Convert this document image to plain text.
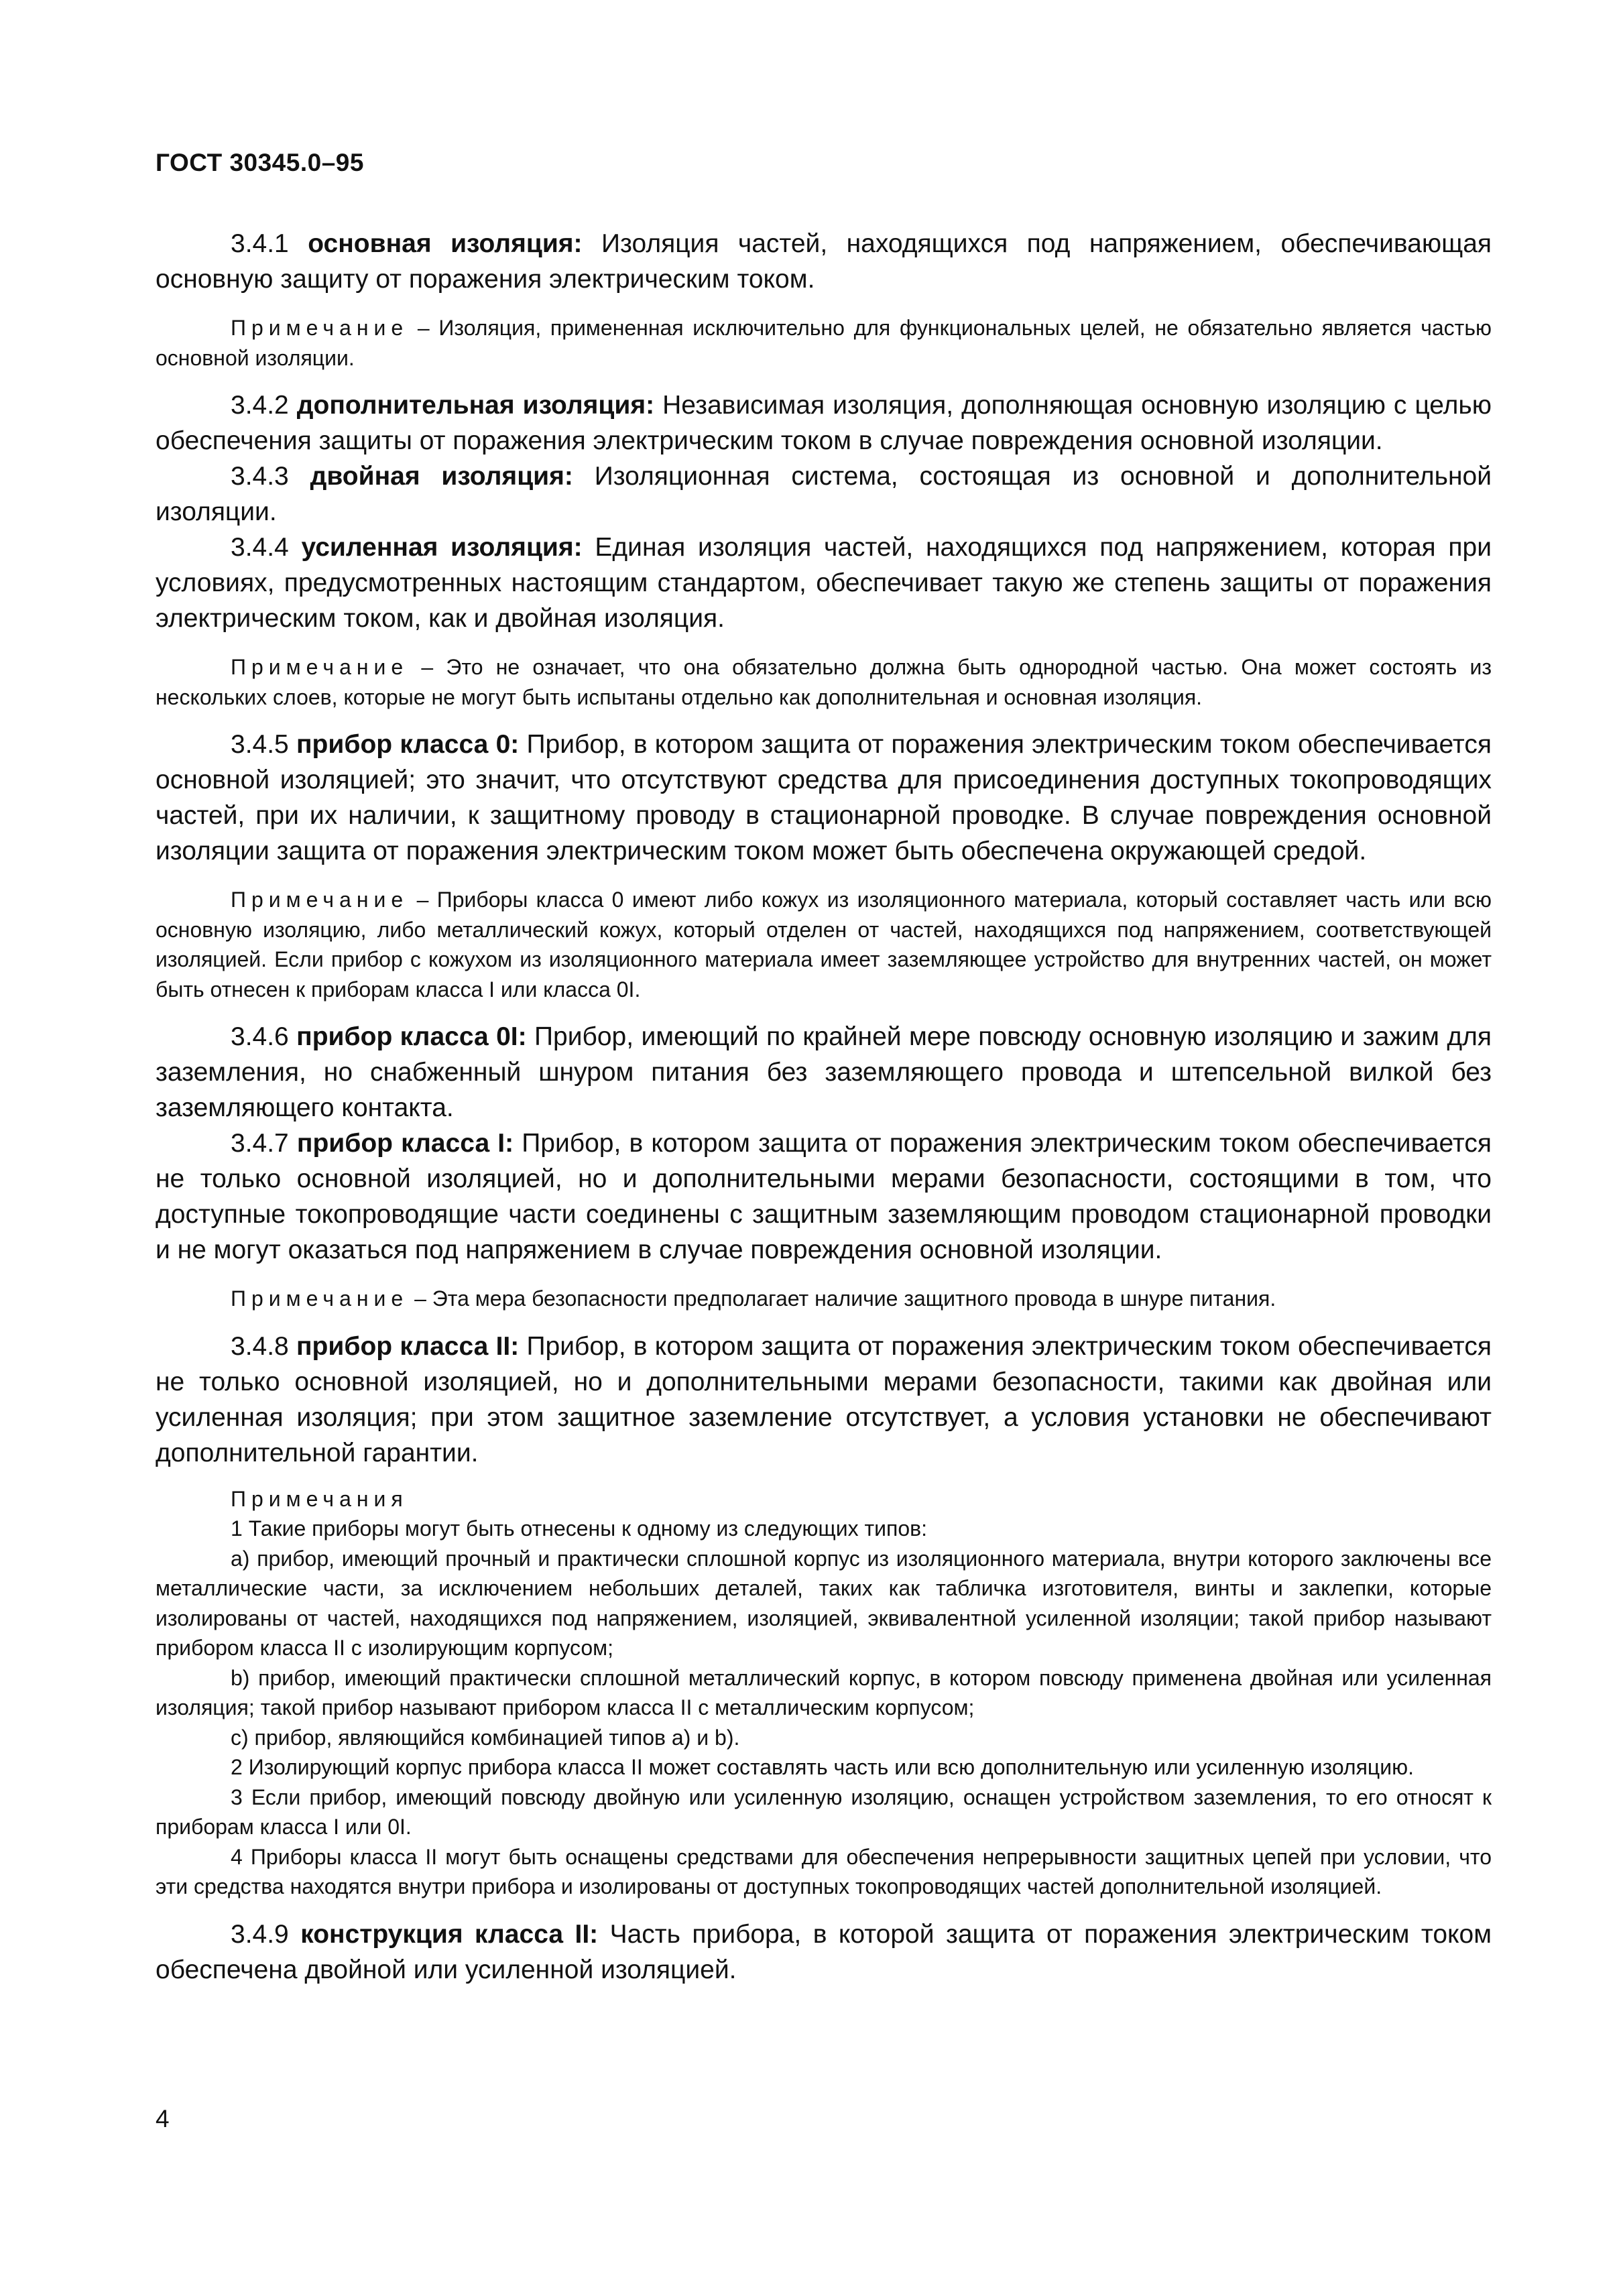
ГОСТ 30345.0–95

3.4.1 основная изоляция: Изоляция частей, находящихся под напряжением, обеспечивающая основную защиту от поражения электрическим током.

Примечание – Изоляция, примененная исключительно для функциональных целей, не обязательно является частью основной изоляции.

3.4.2 дополнительная изоляция: Независимая изоляция, дополняющая основную изоляцию с целью обеспечения защиты от поражения электрическим током в случае повреждения основной изоляции.

3.4.3 двойная изоляция: Изоляционная система, состоящая из основной и дополнительной изоляции.

3.4.4 усиленная изоляция: Единая изоляция частей, находящихся под напряжением, которая при условиях, предусмотренных настоящим стандартом, обеспечивает такую же степень защиты от поражения электрическим током, как и двойная изоляция.

Примечание – Это не означает, что она обязательно должна быть однородной частью. Она может состоять из нескольких слоев, которые не могут быть испытаны отдельно как дополнительная и основная изоляция.

3.4.5 прибор класса 0: Прибор, в котором защита от поражения электрическим током обеспечивается основной изоляцией; это значит, что отсутствуют средства для присоединения доступных токопроводящих частей, при их наличии, к защитному проводу в стационарной проводке. В случае повреждения основной изоляции защита от поражения электрическим током может быть обеспечена окружающей средой.

Примечание – Приборы класса 0 имеют либо кожух из изоляционного материала, который составляет часть или всю основную изоляцию, либо металлический кожух, который отделен от частей, находящихся под напряжением, соответствующей изоляцией. Если прибор с кожухом из изоляционного материала имеет заземляющее устройство для внутренних частей, он может быть отнесен к приборам класса I или класса 0I.

3.4.6 прибор класса 0I: Прибор, имеющий по крайней мере повсюду основную изоляцию и зажим для заземления, но снабженный шнуром питания без заземляющего провода и штепсельной вилкой без заземляющего контакта.

3.4.7 прибор класса I: Прибор, в котором защита от поражения электрическим током обеспечивается не только основной изоляцией, но и дополнительными мерами безопасности, состоящими в том, что доступные токопроводящие части соединены с защитным заземляющим проводом стационарной проводки и не могут оказаться под напряжением в случае повреждения основной изоляции.

Примечание – Эта мера безопасности предполагает наличие защитного провода в шнуре питания.

3.4.8 прибор класса II: Прибор, в котором защита от поражения электрическим током обеспечивается не только основной изоляцией, но и дополнительными мерами безопасности, такими как двойная или усиленная изоляция; при этом защитное заземление отсутствует, а условия установки не обеспечивают дополнительной гарантии.

Примечания

1 Такие приборы могут быть отнесены к одному из следующих типов:

a) прибор, имеющий прочный и практически сплошной корпус из изоляционного материала, внутри которого заключены все металлические части, за исключением небольших деталей, таких как табличка изготовителя, винты и заклепки, которые изолированы от частей, находящихся под напряжением, изоляцией, эквивалентной усиленной изоляции; такой прибор называют прибором класса II с изолирующим корпусом;

b) прибор, имеющий практически сплошной металлический корпус, в котором повсюду применена двойная или усиленная изоляция; такой прибор называют прибором класса II с металлическим корпусом;

c) прибор, являющийся комбинацией типов a) и b).

2 Изолирующий корпус прибора класса II может составлять часть или всю дополнительную или усиленную изоляцию.

3 Если прибор, имеющий повсюду двойную или усиленную изоляцию, оснащен устройством заземления, то его относят к приборам класса I или 0I.

4 Приборы класса II могут быть оснащены средствами для обеспечения непрерывности защитных цепей при условии, что эти средства находятся внутри прибора и изолированы от доступных токопроводящих частей дополнительной изоляцией.

3.4.9 конструкция класса II: Часть прибора, в которой защита от поражения электрическим током обеспечена двойной или усиленной изоляцией.

4
